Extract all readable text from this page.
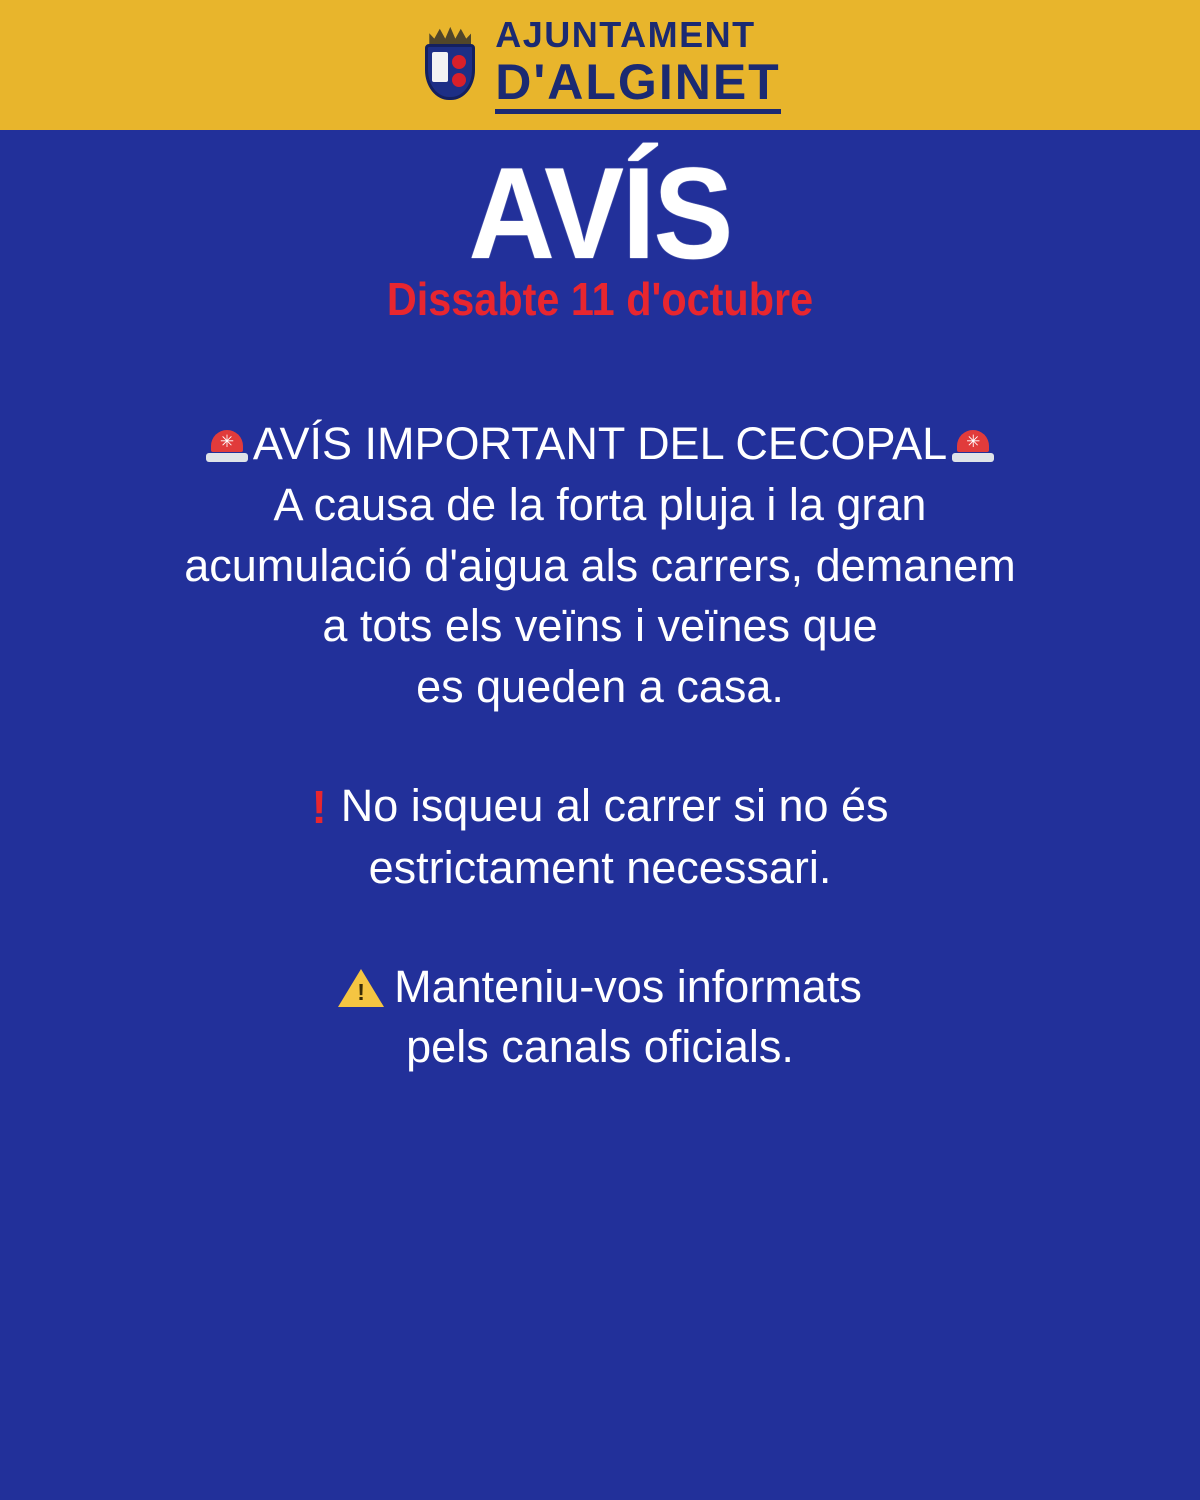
AJUNTAMENT
D'ALGINET
AVÍS
Dissabte 11 d'octubre
✳ AVÍS IMPORTANT DEL CECOPAL ✳
A causa de la forta pluja i la gran
acumulació d'aigua als carrers, demanem
a tots els veïns i veïnes que
es queden a casa.
! No isqueu al carrer si no és
estrictament necessari.
! Manteniu-vos informats
pels canals oficials.
